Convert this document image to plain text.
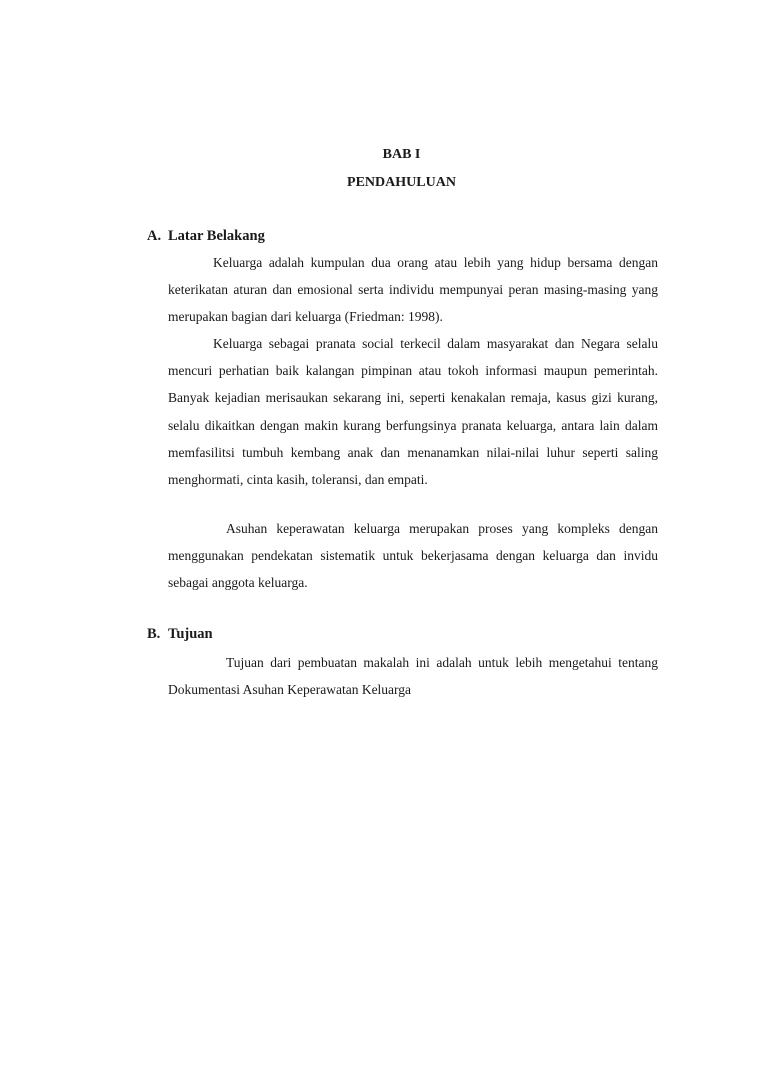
BAB I
PENDAHULUAN
A. Latar Belakang

Keluarga adalah kumpulan dua orang atau lebih yang hidup bersama dengan keterikatan aturan dan emosional serta individu mempunyai peran masing-masing yang merupakan bagian dari keluarga (Friedman: 1998).

Keluarga sebagai pranata social terkecil dalam masyarakat dan Negara selalu mencuri perhatian baik kalangan pimpinan atau tokoh informasi maupun pemerintah. Banyak kejadian merisaukan sekarang ini, seperti kenakalan remaja, kasus gizi kurang, selalu dikaitkan dengan makin kurang berfungsinya pranata keluarga, antara lain dalam memfasilitsi tumbuh kembang anak dan menanamkan nilai-nilai luhur seperti saling menghormati, cinta kasih, toleransi, dan empati.

Asuhan keperawatan keluarga merupakan proses yang kompleks dengan menggunakan pendekatan sistematik untuk bekerjasama dengan keluarga dan invidu sebagai anggota keluarga.

B. Tujuan

Tujuan dari pembuatan makalah ini adalah untuk lebih mengetahui tentang Dokumentasi Asuhan Keperawatan Keluarga
